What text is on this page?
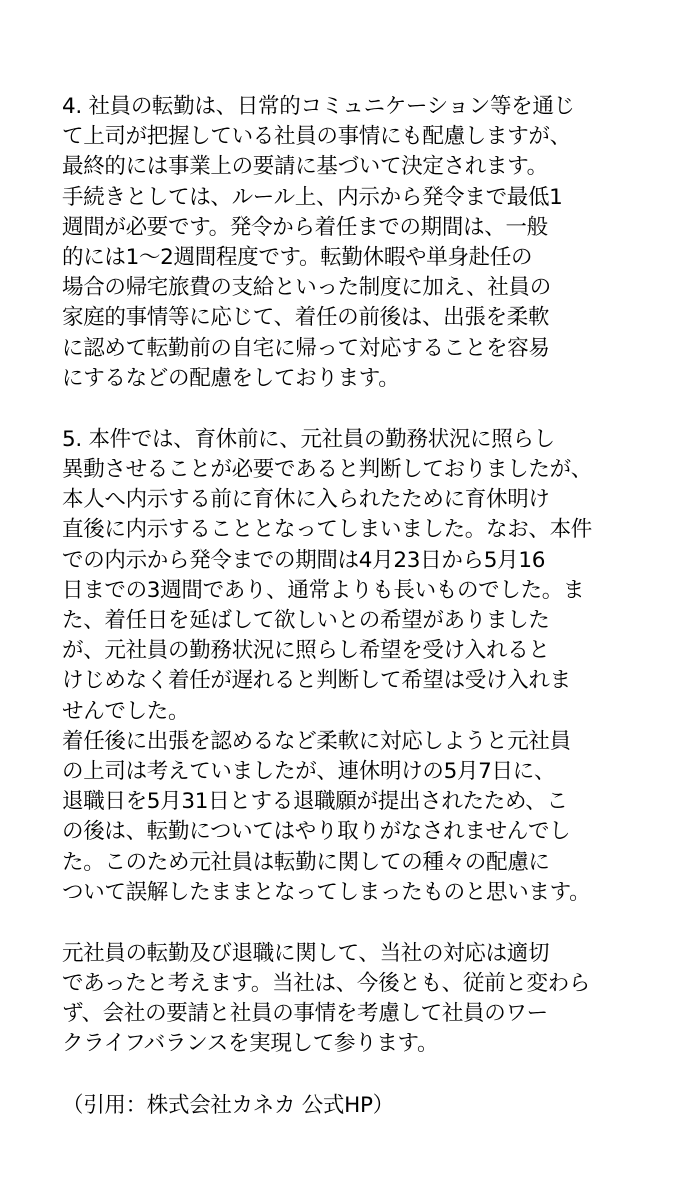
4. 社員の転勤は、日常的コミュニケーション等を通じ
て上司が把握している社員の事情にも配慮しますが、
最終的には事業上の要請に基づいて決定されます。
手続きとしては、ルール上、内示から発令まで最低1
週間が必要です。発令から着任までの期間は、一般
的には1～2週間程度です。転勤休暇や単身赴任の
場合の帰宅旅費の支給といった制度に加え、社員の
家庭的事情等に応じて、着任の前後は、出張を柔軟
に認めて転勤前の自宅に帰って対応することを容易
にするなどの配慮をしております。
5. 本件では、育休前に、元社員の勤務状況に照らし
異動させることが必要であると判断しておりましたが、
本人へ内示する前に育休に入られたために育休明け
直後に内示することとなってしまいました。なお、本件
での内示から発令までの期間は4月23日から5月16
日までの3週間であり、通常よりも長いものでした。ま
た、着任日を延ばして欲しいとの希望がありました
が、元社員の勤務状況に照らし希望を受け入れると
けじめなく着任が遅れると判断して希望は受け入れま
せんでした。
着任後に出張を認めるなど柔軟に対応しようと元社員
の上司は考えていましたが、連休明けの5月7日に、
退職日を5月31日とする退職願が提出されたため、こ
の後は、転勤についてはやり取りがなされませんでし
た。このため元社員は転勤に関しての種々の配慮に
ついて誤解したままとなってしまったものと思います。
元社員の転勤及び退職に関して、当社の対応は適切
であったと考えます。当社は、今後とも、従前と変わら
ず、会社の要請と社員の事情を考慮して社員のワー
クライフバランスを実現して参ります。
（引用：株式会社カネカ 公式HP）
